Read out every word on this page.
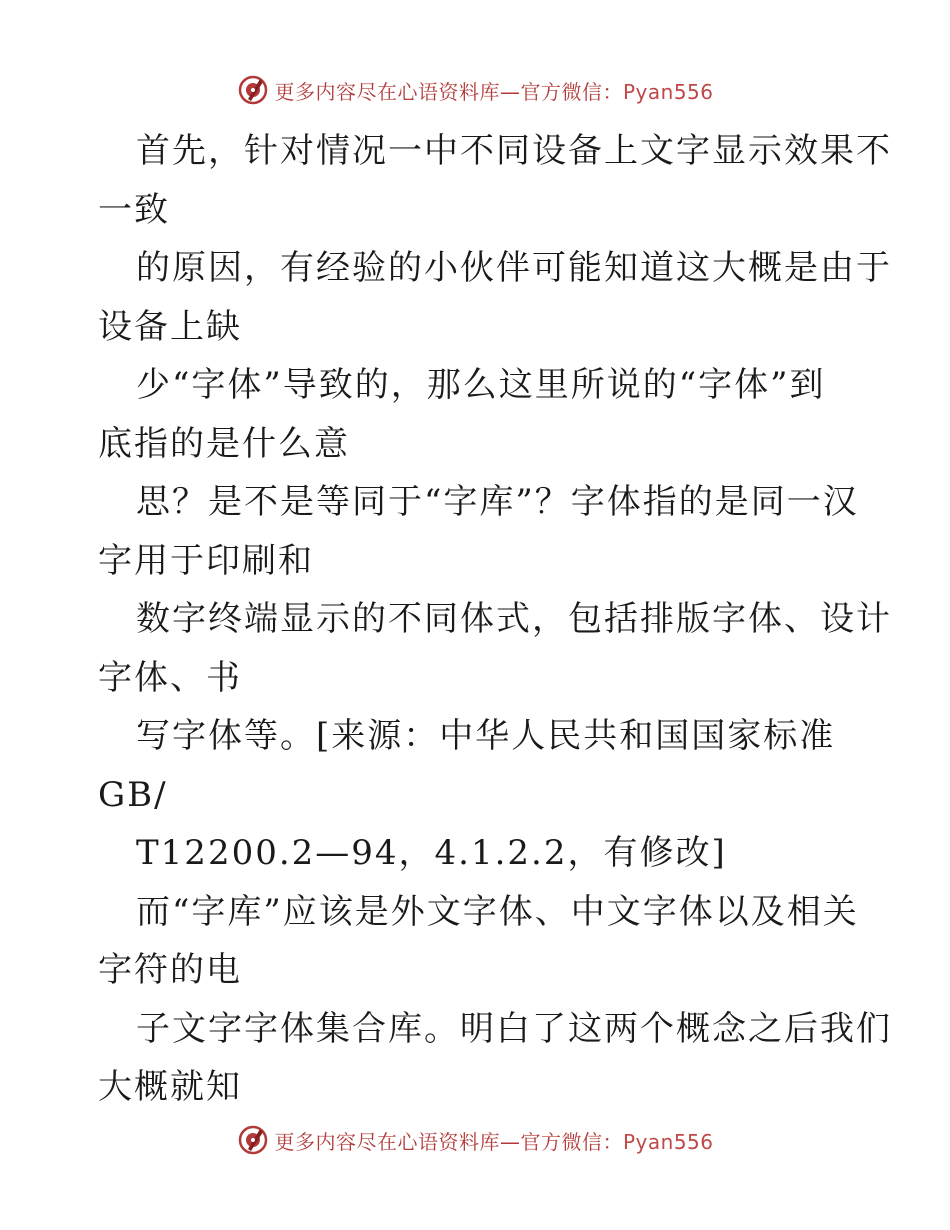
更多内容尽在心语资料库—官方微信：Pyan556
首先，针对情况一中不同设备上文字显示效果不
一致
的原因，有经验的小伙伴可能知道这大概是由于
设备上缺
少“字体”导致的，那么这里所说的“字体”到
底指的是什么意
思？是不是等同于“字库”？字体指的是同一汉
字用于印刷和
数字终端显示的不同体式，包括排版字体、设计
字体、书
写字体等。[来源：中华人民共和国国家标准
GB/
T12200.2—94，4.1.2.2，有修改]
而“字库”应该是外文字体、中文字体以及相关
字符的电
子文字字体集合库。明白了这两个概念之后我们
大概就知
更多内容尽在心语资料库—官方微信：Pyan556
